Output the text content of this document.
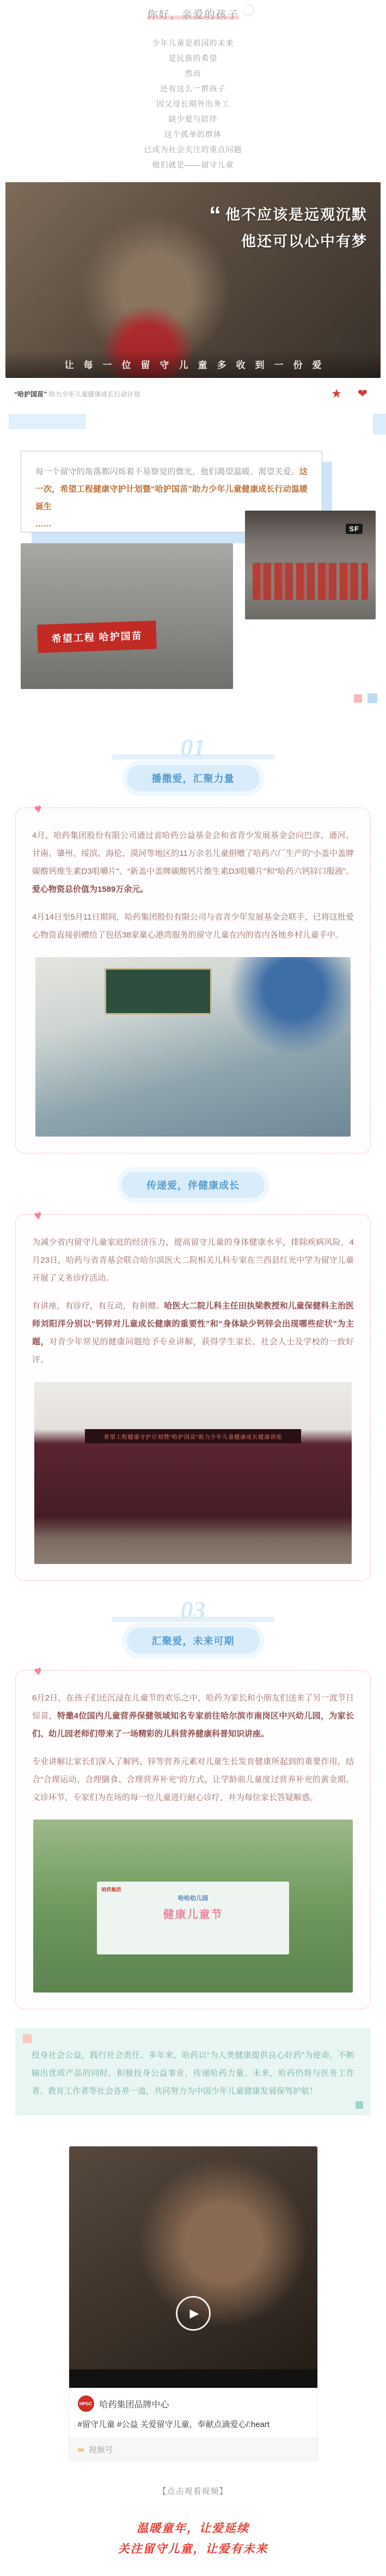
你好，亲爱的孩子
少年儿童是祖国的未来
是民族的希望
然而
还有这么一群孩子
因父母长期外出务工
缺少爱与陪伴
这个孤单的群体
已成为社会关注的重点问题
他们就是——留守儿童
“ 他不应该是远观沉默
他还可以心中有梦
让每一位留守儿童多收到一份爱
“哈护国苗” 助力少年儿童健康成长行动计划	★	❤

每一个留守的角落都闪烁着不易察觉的微光，他们渴望温暖、渴望关爱。这一次，希望工程健康守护计划暨“哈护国苗”助力少年儿童健康成长行动温暖诞生
……

希望工程 哈护国苗
SF
01
播撒爱，汇聚力量
♥

4月，哈药集团股份有限公司通过省哈药公益基金会和省青少发展基金会向巴彦、通河、甘南、肇州、绥滨、海伦、漠河等地区的11万余名儿童捐赠了哈药六厂生产的“小盖中盖牌碳酸钙维生素D3咀嚼片”、“新盖中盖牌碳酸钙片维生素D3咀嚼片”和“哈药六钙锌口服液”。爱心物资总价值为1589万余元。

4月14日至5月11日期间，哈药集团股份有限公司与省青少年发展基金会联手，已将这批爱心物资直接捐赠给了包括38家童心港湾服务的留守儿童在内的省内各地乡村儿童手中。

传递爱，伴健康成长
♥

为减少省内留守儿童家庭的经济压力，提高留守儿童的身体健康水平，排除疾病风险，4月23日，哈药与省青基会联合哈尔滨医大二院相关儿科专家在兰西县红光中学为留守儿童开展了义务诊疗活动。

有讲座，有诊疗，有互动，有捐赠。哈医大二院儿科主任田执梁教授和儿童保健科主治医师刘阳洋分别以“钙锌对儿童成长健康的重要性”和“身体缺少钙锌会出现哪些症状”为主题，对青少年常见的健康问题给予专业讲解，获得学生家长、社会人士及学校的一致好评。

希望工程健康守护计划暨“哈护国苗”助力少年儿童健康成长健康讲座
03
汇聚爱，未来可期
♥

6月2日，在孩子们还沉浸在儿童节的欢乐之中，哈药为家长和小朋友们送来了另一波节日惊喜，特邀4位国内儿童营养保健领域知名专家前往哈尔滨市南岗区中兴幼儿园，为家长们、幼儿园老师们带来了一场精彩的儿科营养健康科普知识讲座。

专业讲解让家长们深入了解钙、锌等营养元素对儿童生长发育健康所起到的重要作用，结合“合理运动、合理膳食、合理营养补充”的方式，让学龄前儿童度过营养补充的黄金期。义诊环节，专家们为在场的每一位儿童进行耐心诊疗，并为每位家长答疑解惑。

哈药集团
哈哈幼儿园
健康儿童节

投身社会公益，践行社会责任。多年来，哈药以“为人类健康提供良心好药”为使命，不断输出优质产品的同时，积极投身公益事业，传递哈药力量。未来，哈药仍将与医务工作者、教育工作者等社会各界一道，共同努力为中国少年儿童健康发展保驾护航！

▶
HPGC 哈药集团品牌中心
#留守儿童 #公益 关爱留守儿童，奉献点滴爱心/:heart
∞ 视频号
【点击观看视频】
温暖童年，让爱延续
关注留守儿童，让爱有未来
